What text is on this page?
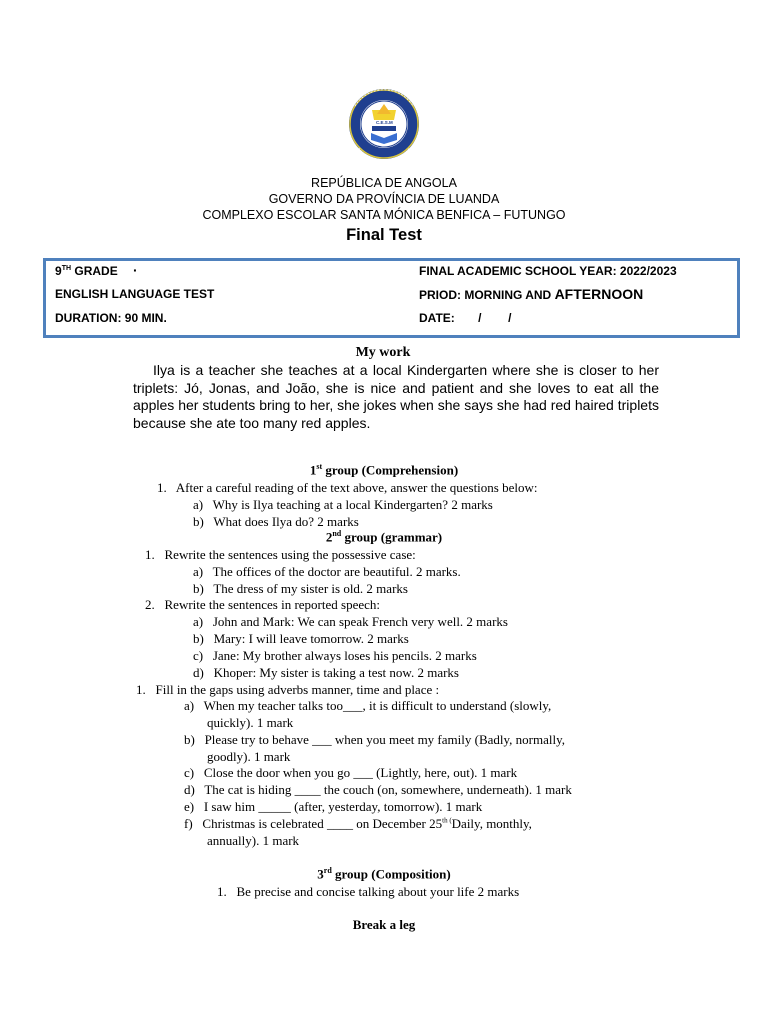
C.E.S.M
REPÚBLICA DE ANGOLA
GOVERNO DA PROVÍNCIA DE LUANDA
COMPLEXO ESCOLAR SANTA MÓNICA BENFICA – FUTUNGO
Final Test
9TH GRADE ·	FINAL ACADEMIC SCHOOL YEAR: 2022/2023
ENGLISH LANGUAGE TEST	PRIOD: MORNING AND AFTERNOON
DURATION: 90 MIN.	DATE:       /        /
My work

Ilya is a teacher she teaches at a local Kindergarten where she is closer to her triplets: Jó, Jonas, and João, she is nice and patient and she loves to eat all the apples her students bring to her, she jokes when she says she had red haired triplets because she ate too many red apples.

1st group (Comprehension)
1.   After a careful reading of the text above, answer the questions below:
a)   Why is Ilya teaching at a local Kindergarten? 2 marks
b)   What does Ilya do? 2 marks
2nd group (grammar)
1.   Rewrite the sentences using the possessive case:
a)   The offices of the doctor are beautiful. 2 marks.
b)   The dress of my sister is old. 2 marks
2.   Rewrite the sentences in reported speech:
a)   John and Mark: We can speak French very well. 2 marks
b)   Mary: I will leave tomorrow. 2 marks
c)   Jane: My brother always loses his pencils. 2 marks
d)   Khoper: My sister is taking a test now. 2 marks
1.   Fill in the gaps using adverbs manner, time and place :
a)   When my teacher talks too___, it is difficult to understand (slowly,
quickly). 1 mark
b)   Please try to behave ___ when you meet my family (Badly, normally,
goodly). 1 mark
c)   Close the door when you go ___ (Lightly, here, out). 1 mark
d)   The cat is hiding ____ the couch (on, somewhere, underneath). 1 mark
e)   I saw him _____ (after, yesterday, tomorrow). 1 mark
f)   Christmas is celebrated ____ on December $25^{th (}Daily$, monthly,
annually). 1 mark
3rd group (Composition)
1.   Be precise and concise talking about your life 2 marks
Break a leg
